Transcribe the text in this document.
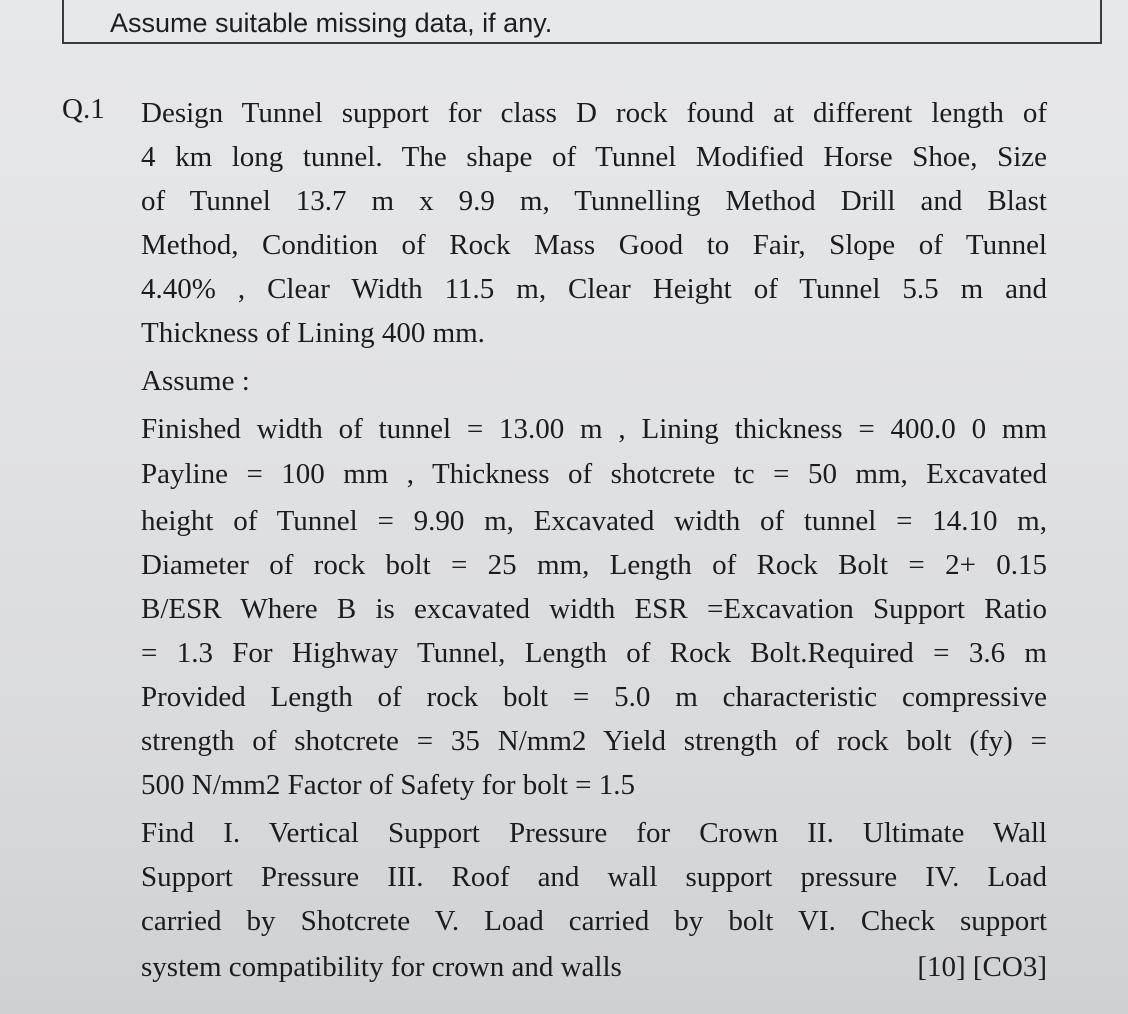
Assume suitable missing data, if any.
Q.1 Design Tunnel support for class D rock found at different length of
4 km long tunnel. The shape of Tunnel Modified Horse Shoe, Size
of Tunnel 13.7 m x 9.9 m, Tunnelling Method Drill and Blast
Method, Condition of Rock Mass Good to Fair, Slope of Tunnel
4.40% , Clear Width 11.5 m, Clear Height of Tunnel 5.5 m and
Thickness of Lining 400 mm.
Assume :
Finished width of tunnel = 13.00 m , Lining thickness = 400.0 0 mm
Payline = 100 mm , Thickness of shotcrete tc = 50 mm, Excavated
height of Tunnel = 9.90 m, Excavated width of tunnel = 14.10 m,
Diameter of rock bolt = 25 mm, Length of Rock Bolt = 2+ 0.15
B/ESR Where B is excavated width ESR =Excavation Support Ratio
= 1.3 For Highway Tunnel, Length of Rock Bolt.Required = 3.6 m
Provided Length of rock bolt = 5.0 m characteristic compressive
strength of shotcrete = 35 N/mm2 Yield strength of rock bolt (fy) =
500 N/mm2 Factor of Safety for bolt = 1.5
Find I. Vertical Support Pressure for Crown II. Ultimate Wall
Support Pressure III. Roof and wall support pressure IV. Load
carried by Shotcrete V. Load carried by bolt VI. Check support
system compatibility for crown and walls	[10] [CO3]
